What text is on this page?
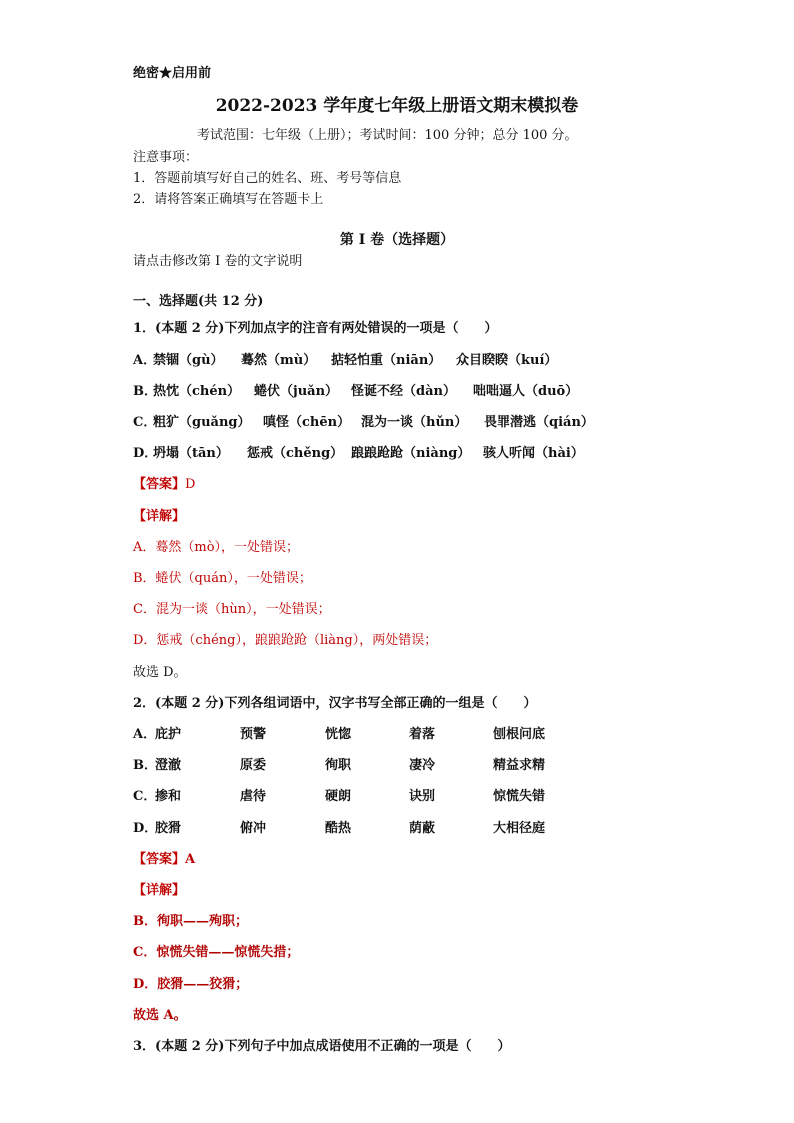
绝密★启用前
2022-2023 学年度七年级上册语文期末模拟卷
考试范围：七年级（上册）；考试时间：100 分钟；总分 100 分。
注意事项：
1．答题前填写好自己的姓名、班、考号等信息
2．请将答案正确填写在答题卡上
第 I 卷（选择题）
请点击修改第 I 卷的文字说明
一、选择题(共 12 分)
1．(本题 2 分)下列加点字的注音有两处错误的一项是（　　）
A．
禁锢（gù） 蓦然（mù） 掂轻怕重（niān） 众目睽睽（kuí）
B．
热忱（chén） 蜷伏（juǎn） 怪诞不经（dàn） 咄咄逼人（duō）
C．
粗犷（guǎng） 嗔怪（chēn） 混为一谈（hǔn） 畏罪潜逃（qián）
D．
坍塌（tān） 惩戒（chěng） 踉踉跄跄（niàng） 骇人听闻（hài）
【答案】D
【详解】
A．蓦然（mò），一处错误；
B．蜷伏（quán），一处错误；
C．混为一谈（hùn），一处错误；
D．惩戒（chéng），踉踉跄跄（liàng），两处错误；
故选 D。
2．(本题 2 分)下列各组词语中，汉字书写全部正确的一组是（　　）
A．
庇护	预警	恍惚	着落	刨根问底
B．
澄澈	原委	徇职	凄冷	精益求精
C．
掺和	虐待	硬朗	诀别	惊慌失错
D．
胶猾	俯冲	酷热	荫蔽	大相径庭
【答案】A
【详解】
B．徇职——殉职；
C．惊慌失错——惊慌失措；
D．胶猾——狡猾；
故选 A。
3．(本题 2 分)下列句子中加点成语使用不正确的一项是（　　）
